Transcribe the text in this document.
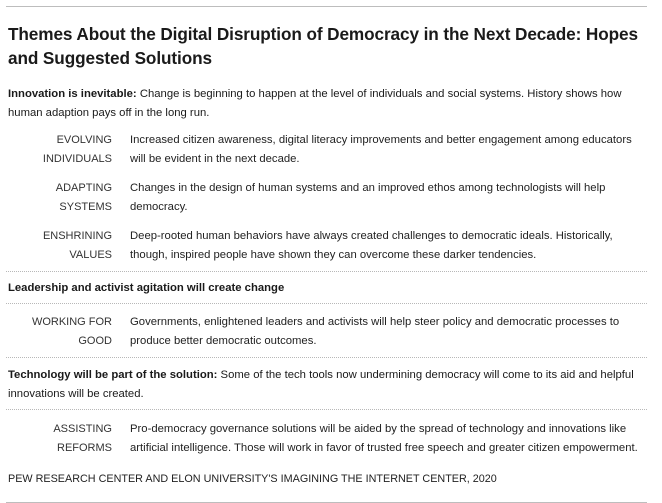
Themes About the Digital Disruption of Democracy in the Next Decade: Hopes and Suggested Solutions
Innovation is inevitable: Change is beginning to happen at the level of individuals and social systems. History shows how human adaption pays off in the long run.
EVOLVING
INDIVIDUALS
Increased citizen awareness, digital literacy improvements and better engagement among educators will be evident in the next decade.
ADAPTING
SYSTEMS
Changes in the design of human systems and an improved ethos among technologists will help democracy.
ENSHRINING
VALUES
Deep-rooted human behaviors have always created challenges to democratic ideals. Historically, though, inspired people have shown they can overcome these darker tendencies.
Leadership and activist agitation will create change
WORKING FOR
GOOD
Governments, enlightened leaders and activists will help steer policy and democratic processes to produce better democratic outcomes.
Technology will be part of the solution: Some of the tech tools now undermining democracy will come to its aid and helpful innovations will be created.
ASSISTING
REFORMS
Pro-democracy governance solutions will be aided by the spread of technology and innovations like artificial intelligence. Those will work in favor of trusted free speech and greater citizen empowerment.
PEW RESEARCH CENTER AND ELON UNIVERSITY'S IMAGINING THE INTERNET CENTER, 2020
